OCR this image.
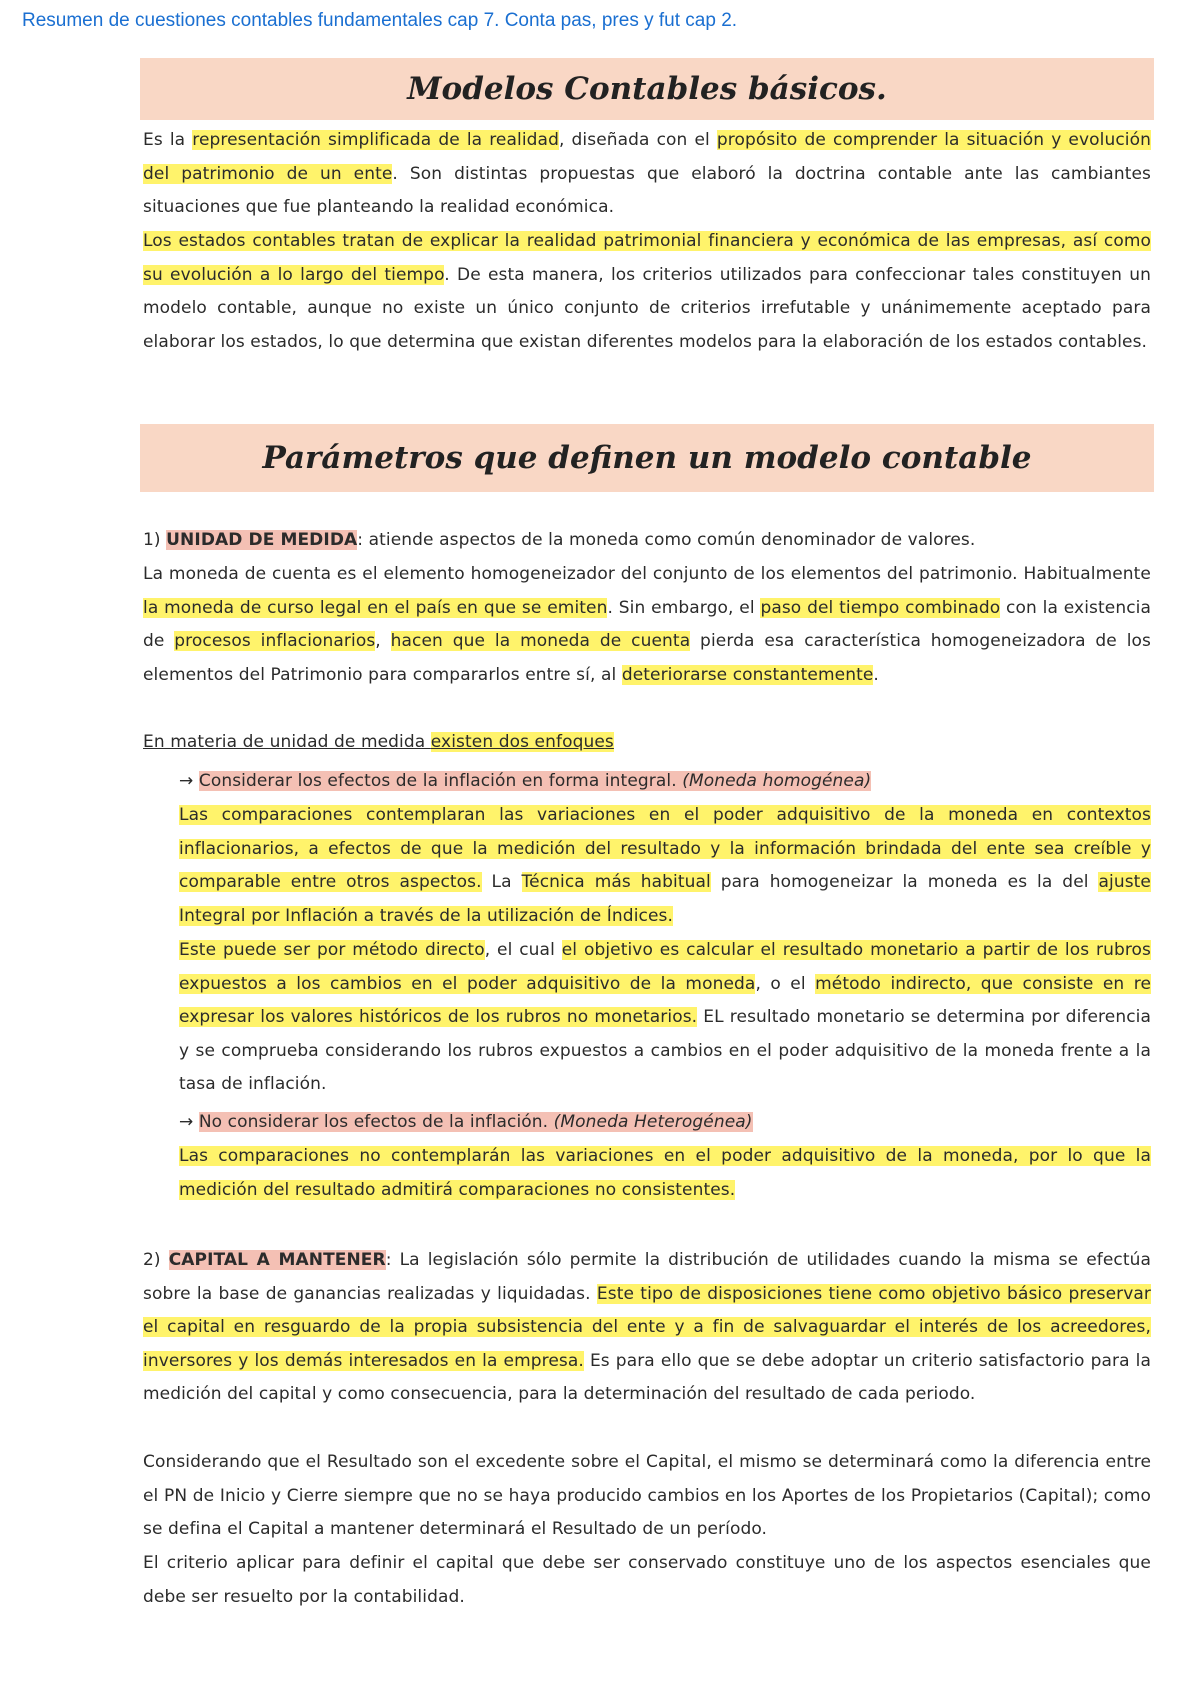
Resumen de cuestiones contables fundamentales cap 7. Conta pas, pres y fut cap 2.
Modelos Contables básicos.
Es la representación simplificada de la realidad, diseñada con el propósito de comprender la situación y evolución del patrimonio de un ente. Son distintas propuestas que elaboró la doctrina contable ante las cambiantes situaciones que fue planteando la realidad económica.
Los estados contables tratan de explicar la realidad patrimonial financiera y económica de las empresas, así como su evolución a lo largo del tiempo. De esta manera, los criterios utilizados para confeccionar tales constituyen un modelo contable, aunque no existe un único conjunto de criterios irrefutable y unánimemente aceptado para elaborar los estados, lo que determina que existan diferentes modelos para la elaboración de los estados contables.
Parámetros que definen un modelo contable
1) UNIDAD DE MEDIDA: atiende aspectos de la moneda como común denominador de valores.
La moneda de cuenta es el elemento homogeneizador del conjunto de los elementos del patrimonio. Habitualmente la moneda de curso legal en el país en que se emiten. Sin embargo, el paso del tiempo combinado con la existencia de procesos inflacionarios, hacen que la moneda de cuenta pierda esa característica homogeneizadora de los elementos del Patrimonio para compararlos entre sí, al deteriorarse constantemente.
En materia de unidad de medida existen dos enfoques
→ Considerar los efectos de la inflación en forma integral. (Moneda homogénea)
Las comparaciones contemplaran las variaciones en el poder adquisitivo de la moneda en contextos inflacionarios, a efectos de que la medición del resultado y la información brindada del ente sea creíble y comparable entre otros aspectos. La Técnica más habitual para homogeneizar la moneda es la del ajuste Integral por Inflación a través de la utilización de Índices.
Este puede ser por método directo, el cual el objetivo es calcular el resultado monetario a partir de los rubros expuestos a los cambios en el poder adquisitivo de la moneda, o el método indirecto, que consiste en re expresar los valores históricos de los rubros no monetarios. EL resultado monetario se determina por diferencia y se comprueba considerando los rubros expuestos a cambios en el poder adquisitivo de la moneda frente a la tasa de inflación.
→ No considerar los efectos de la inflación. (Moneda Heterogénea)
Las comparaciones no contemplarán las variaciones en el poder adquisitivo de la moneda, por lo que la medición del resultado admitirá comparaciones no consistentes.
2) CAPITAL A MANTENER: La legislación sólo permite la distribución de utilidades cuando la misma se efectúa sobre la base de ganancias realizadas y liquidadas. Este tipo de disposiciones tiene como objetivo básico preservar el capital en resguardo de la propia subsistencia del ente y a fin de salvaguardar el interés de los acreedores, inversores y los demás interesados en la empresa. Es para ello que se debe adoptar un criterio satisfactorio para la medición del capital y como consecuencia, para la determinación del resultado de cada periodo.
Considerando que el Resultado son el excedente sobre el Capital, el mismo se determinará como la diferencia entre el PN de Inicio y Cierre siempre que no se haya producido cambios en los Aportes de los Propietarios (Capital); como se defina el Capital a mantener determinará el Resultado de un período.
El criterio aplicar para definir el capital que debe ser conservado constituye uno de los aspectos esenciales que debe ser resuelto por la contabilidad.
